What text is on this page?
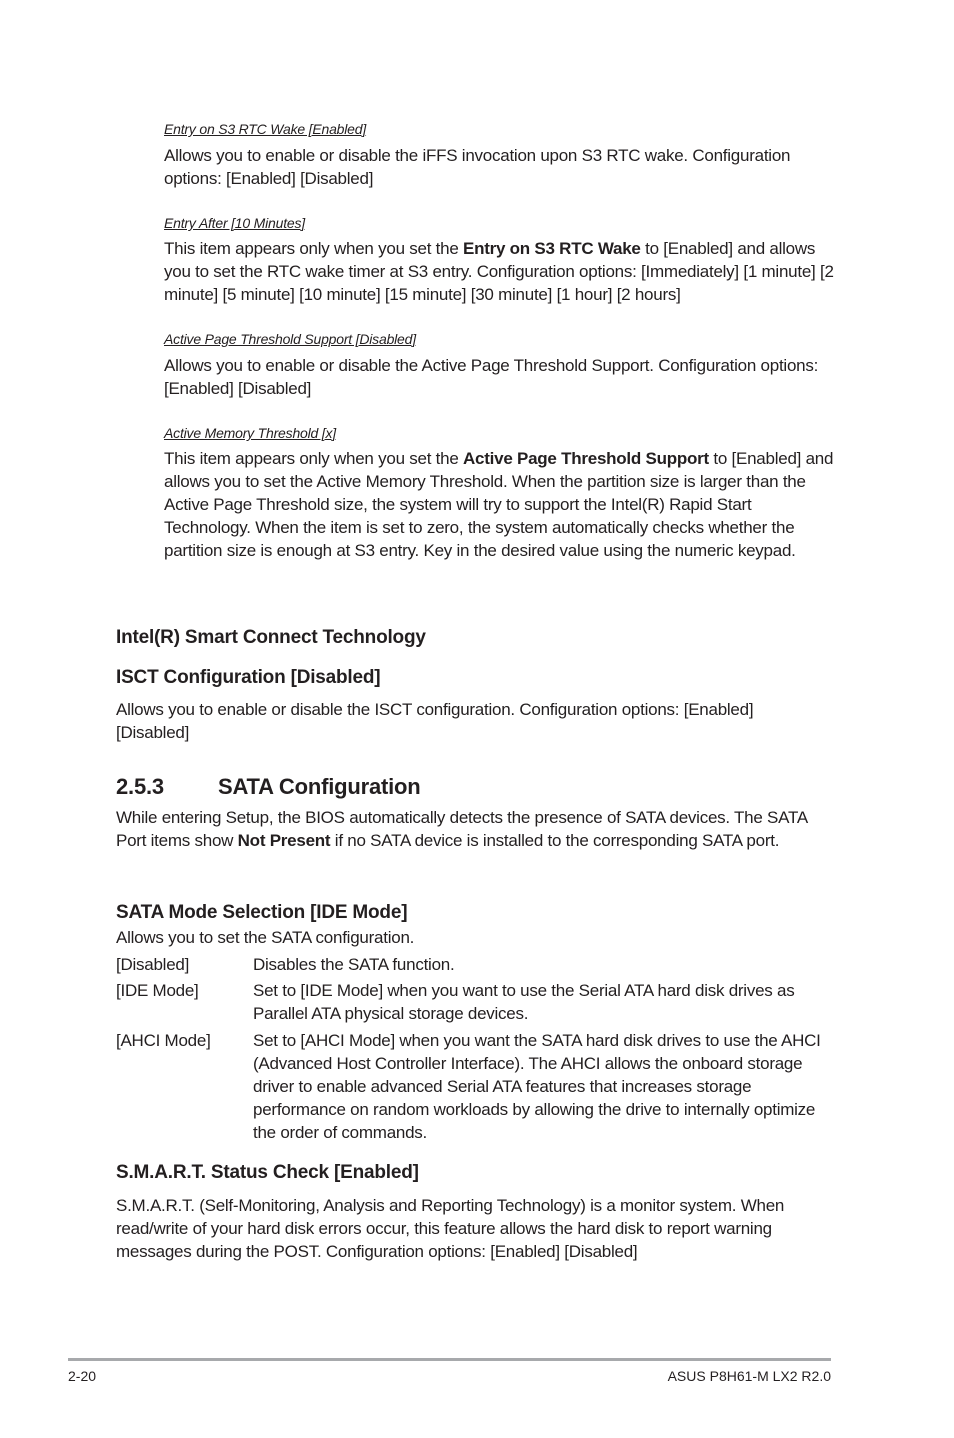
Entry on S3 RTC Wake [Enabled]
Allows you to enable or disable the iFFS invocation upon S3 RTC wake. Configuration options: [Enabled] [Disabled]
Entry After [10 Minutes]
This item appears only when you set the Entry on S3 RTC Wake to [Enabled] and allows you to set the RTC wake timer at S3 entry. Configuration options: [Immediately] [1 minute] [2 minute] [5 minute] [10 minute] [15 minute] [30 minute] [1 hour] [2 hours]
Active Page Threshold Support [Disabled]
Allows you to enable or disable the Active Page Threshold Support. Configuration options: [Enabled] [Disabled]
Active Memory Threshold [x]
This item appears only when you set the Active Page Threshold Support to [Enabled] and allows you to set the Active Memory Threshold. When the partition size is larger than the Active Page Threshold size, the system will try to support the Intel(R) Rapid Start Technology. When the item is set to zero, the system automatically checks whether the partition size is enough at S3 entry. Key in the desired value using the numeric keypad.
Intel(R) Smart Connect Technology
ISCT Configuration [Disabled]
Allows you to enable or disable the ISCT configuration. Configuration options: [Enabled] [Disabled]
2.5.3 SATA Configuration
While entering Setup, the BIOS automatically detects the presence of SATA devices. The SATA Port items show Not Present if no SATA device is installed to the corresponding SATA port.
SATA Mode Selection [IDE Mode]
Allows you to set the SATA configuration.
[Disabled]	Disables the SATA function.
[IDE Mode]	Set to [IDE Mode] when you want to use the Serial ATA hard disk drives as Parallel ATA physical storage devices.
[AHCI Mode] Set to [AHCI Mode] when you want the SATA hard disk drives to use the AHCI (Advanced Host Controller Interface). The AHCI allows the onboard storage driver to enable advanced Serial ATA features that increases storage performance on random workloads by allowing the drive to internally optimize the order of commands.
S.M.A.R.T. Status Check [Enabled]
S.M.A.R.T. (Self-Monitoring, Analysis and Reporting Technology) is a monitor system. When read/write of your hard disk errors occur, this feature allows the hard disk to report warning messages during the POST. Configuration options: [Enabled] [Disabled]
2-20	ASUS P8H61-M LX2 R2.0
